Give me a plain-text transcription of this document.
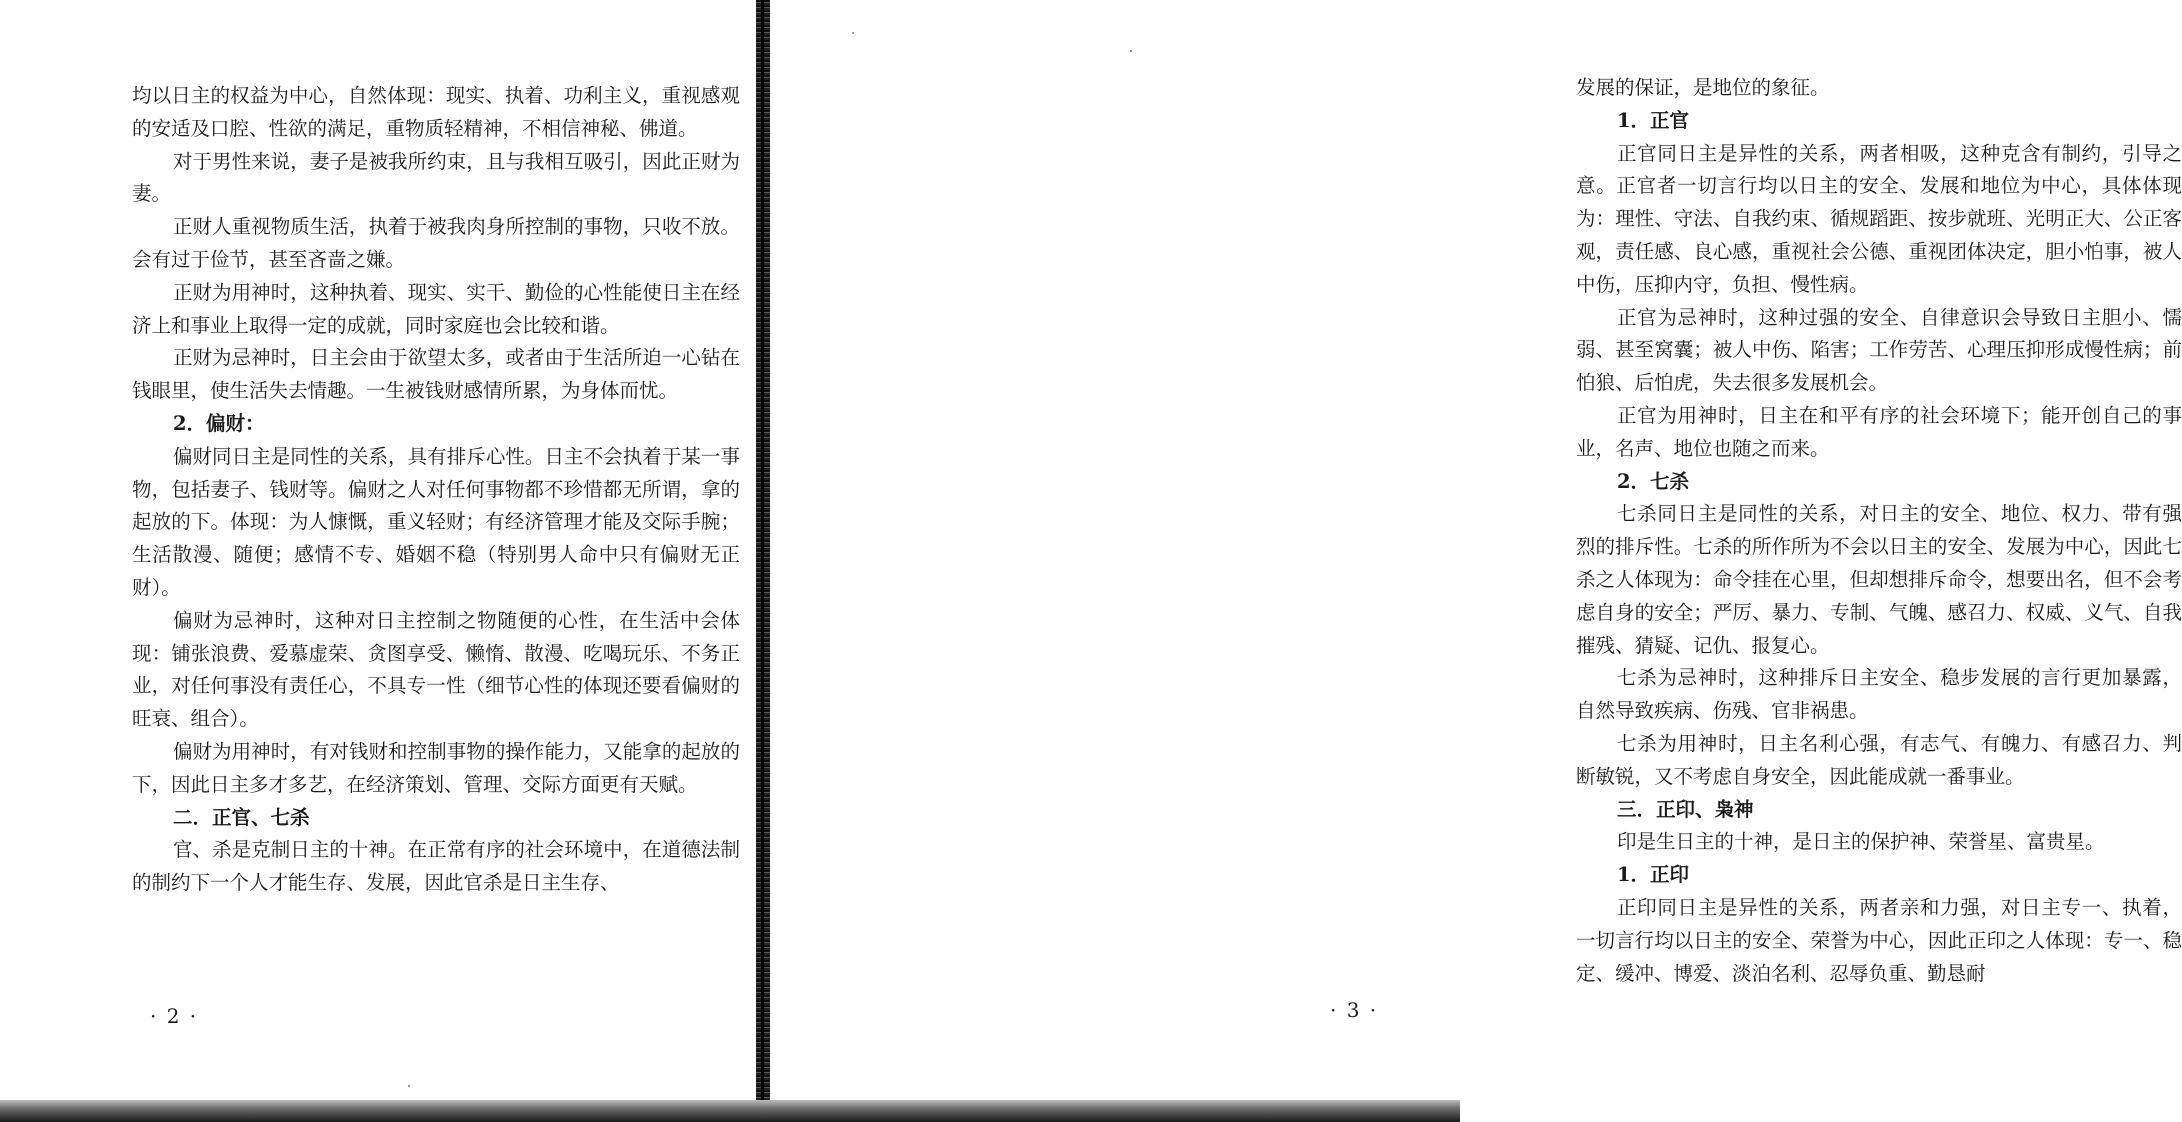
均以日主的权益为中心，自然体现：现实、执着、功利主义，重视感观的安适及口腔、性欲的满足，重物质轻精神，不相信神秘、佛道。

对于男性来说，妻子是被我所约束，且与我相互吸引，因此正财为妻。

正财人重视物质生活，执着于被我肉身所控制的事物，只收不放。会有过于俭节，甚至吝啬之嫌。

正财为用神时，这种执着、现实、实干、勤俭的心性能使日主在经济上和事业上取得一定的成就，同时家庭也会比较和谐。

正财为忌神时，日主会由于欲望太多，或者由于生活所迫一心钻在钱眼里，使生活失去情趣。一生被钱财感情所累，为身体而忧。

2．偏财：

偏财同日主是同性的关系，具有排斥心性。日主不会执着于某一事物，包括妻子、钱财等。偏财之人对任何事物都不珍惜都无所谓，拿的起放的下。体现：为人慷慨，重义轻财；有经济管理才能及交际手腕；生活散漫、随便；感情不专、婚姻不稳（特别男人命中只有偏财无正财）。

偏财为忌神时，这种对日主控制之物随便的心性，在生活中会体现：铺张浪费、爱慕虚荣、贪图享受、懒惰、散漫、吃喝玩乐、不务正业，对任何事没有责任心，不具专一性（细节心性的体现还要看偏财的旺衰、组合）。

偏财为用神时，有对钱财和控制事物的操作能力，又能拿的起放的下，因此日主多才多艺，在经济策划、管理、交际方面更有天赋。

二．正官、七杀

官、杀是克制日主的十神。在正常有序的社会环境中，在道德法制的制约下一个人才能生存、发展，因此官杀是日主生存、

发展的保证，是地位的象征。

1．正官

正官同日主是异性的关系，两者相吸，这种克含有制约，引导之意。正官者一切言行均以日主的安全、发展和地位为中心，具体体现为：理性、守法、自我约束、循规蹈距、按步就班、光明正大、公正客观，责任感、良心感，重视社会公德、重视团体决定，胆小怕事，被人中伤，压抑内守，负担、慢性病。

正官为忌神时，这种过强的安全、自律意识会导致日主胆小、懦弱、甚至窝囊；被人中伤、陷害；工作劳苦、心理压抑形成慢性病；前怕狼、后怕虎，失去很多发展机会。

正官为用神时，日主在和平有序的社会环境下；能开创自己的事业，名声、地位也随之而来。

2．七杀

七杀同日主是同性的关系，对日主的安全、地位、权力、带有强烈的排斥性。七杀的所作所为不会以日主的安全、发展为中心，因此七杀之人体现为：命令挂在心里，但却想排斥命令，想要出名，但不会考虑自身的安全；严厉、暴力、专制、气魄、感召力、权威、义气、自我摧残、猜疑、记仇、报复心。

七杀为忌神时，这种排斥日主安全、稳步发展的言行更加暴露，自然导致疾病、伤残、官非祸患。

七杀为用神时，日主名利心强，有志气、有魄力、有感召力、判断敏锐，又不考虑自身安全，因此能成就一番事业。

三．正印、枭神

印是生日主的十神，是日主的保护神、荣誉星、富贵星。

1．正印

正印同日主是异性的关系，两者亲和力强，对日主专一、执着，一切言行均以日主的安全、荣誉为中心，因此正印之人体现：专一、稳定、缓冲、博爱、淡泊名利、忍辱负重、勤恳耐

· 2 ·	· 3 ·
